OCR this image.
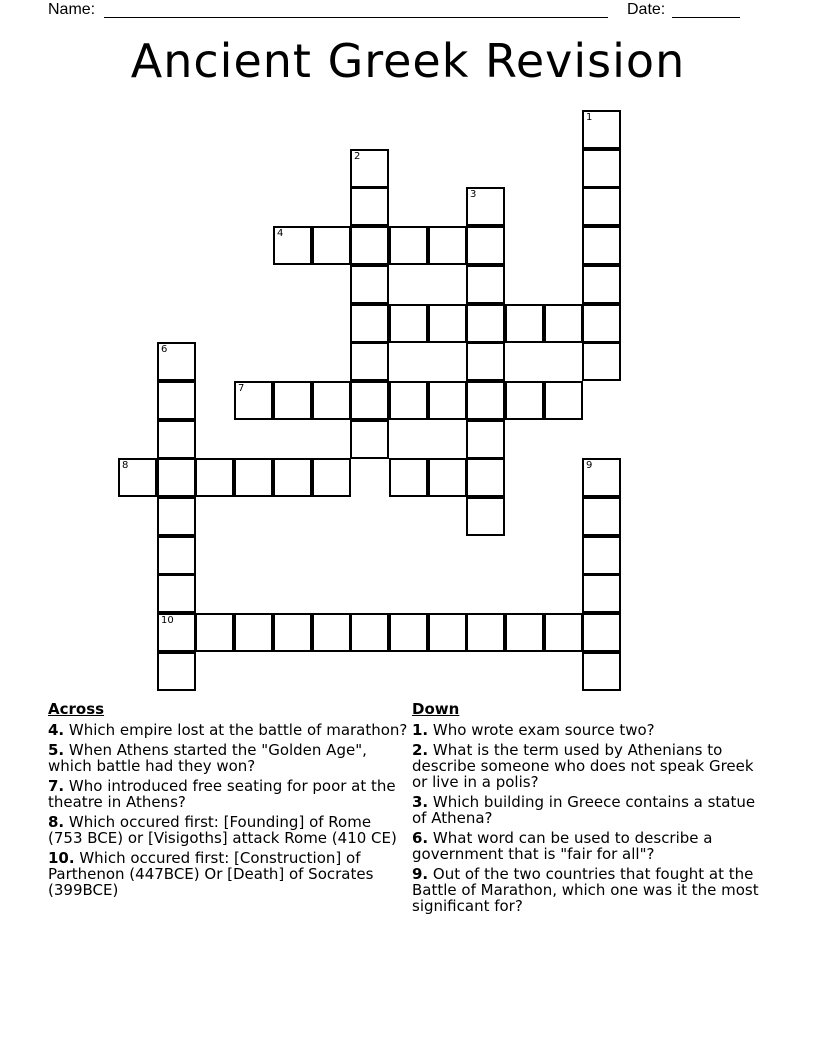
Name:	Date:
Ancient Greek Revision
1
2
3
4
6
10
7
8	9
Across
4. Which empire lost at the battle of marathon?
5. When Athens started the "Golden Age", which battle had they won?
7. Who introduced free seating for poor at the theatre in Athens?
8. Which occured first: [Founding] of Rome (753 BCE) or [Visigoths] attack Rome (410 CE)
10. Which occured first: [Construction] of Parthenon (447BCE) Or [Death] of Socrates (399BCE)
Down
1. Who wrote exam source two?
2. What is the term used by Athenians to describe someone who does not speak Greek or live in a polis?
3. Which building in Greece contains a statue of Athena?
6. What word can be used to describe a government that is "fair for all"?
9. Out of the two countries that fought at the Battle of Marathon, which one was it the most significant for?
